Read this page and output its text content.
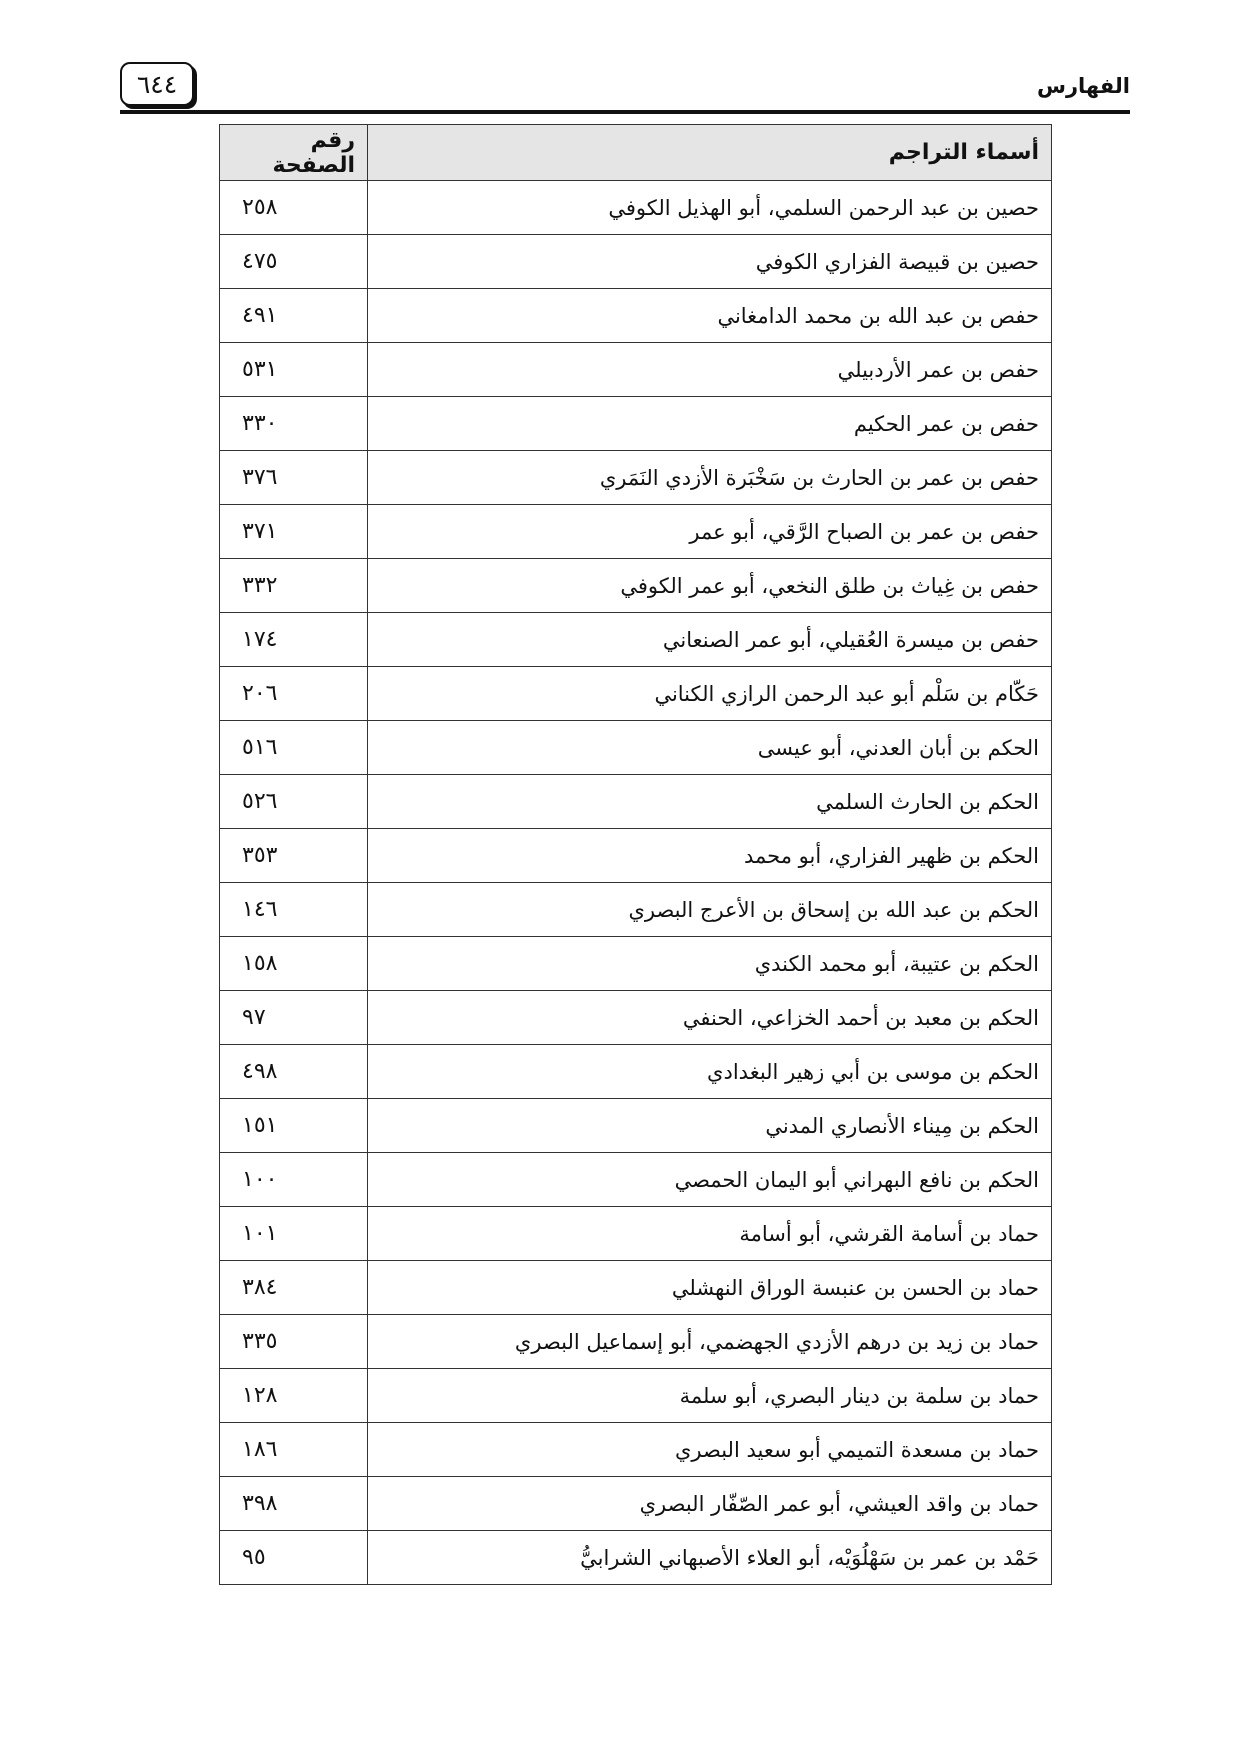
٦٤٤	الفهارس
أسماء التراجم	رقم الصفحة
حصين بن عبد الرحمن السلمي، أبو الهذيل الكوفي	٢٥٨
حصين بن قبيصة الفزاري الكوفي	٤٧٥
حفص بن عبد الله بن محمد الدامغاني	٤٩١
حفص بن عمر الأردبيلي	٥٣١
حفص بن عمر الحكيم	٣٣٠
حفص بن عمر بن الحارث بن سَخْبَرة الأزدي النَمَري	٣٧٦
حفص بن عمر بن الصباح الرَّقي، أبو عمر	٣٧١
حفص بن غِياث بن طلق النخعي، أبو عمر الكوفي	٣٣٢
حفص بن ميسرة العُقيلي، أبو عمر الصنعاني	١٧٤
حَكّام بن سَلْم أبو عبد الرحمن الرازي الكناني	٢٠٦
الحكم بن أبان العدني، أبو عيسى	٥١٦
الحكم بن الحارث السلمي	٥٢٦
الحكم بن ظهير الفزاري، أبو محمد	٣٥٣
الحكم بن عبد الله بن إسحاق بن الأعرج البصري	١٤٦
الحكم بن عتيبة، أبو محمد الكندي	١٥٨
الحكم بن معبد بن أحمد الخزاعي، الحنفي	٩٧
الحكم بن موسى بن أبي زهير البغدادي	٤٩٨
الحكم بن مِيناء الأنصاري المدني	١٥١
الحكم بن نافع البهراني أبو اليمان الحمصي	١٠٠
حماد بن أسامة القرشي، أبو أسامة	١٠١
حماد بن الحسن بن عنبسة الوراق النهشلي	٣٨٤
حماد بن زيد بن درهم الأزدي الجهضمي، أبو إسماعيل البصري	٣٣٥
حماد بن سلمة بن دينار البصري، أبو سلمة	١٢٨
حماد بن مسعدة التميمي أبو سعيد البصري	١٨٦
حماد بن واقد العيشي، أبو عمر الصّفّار البصري	٣٩٨
حَمْد بن عمر بن سَهْلُوَيْه، أبو العلاء الأصبهاني الشرابيُّ	٩٥
